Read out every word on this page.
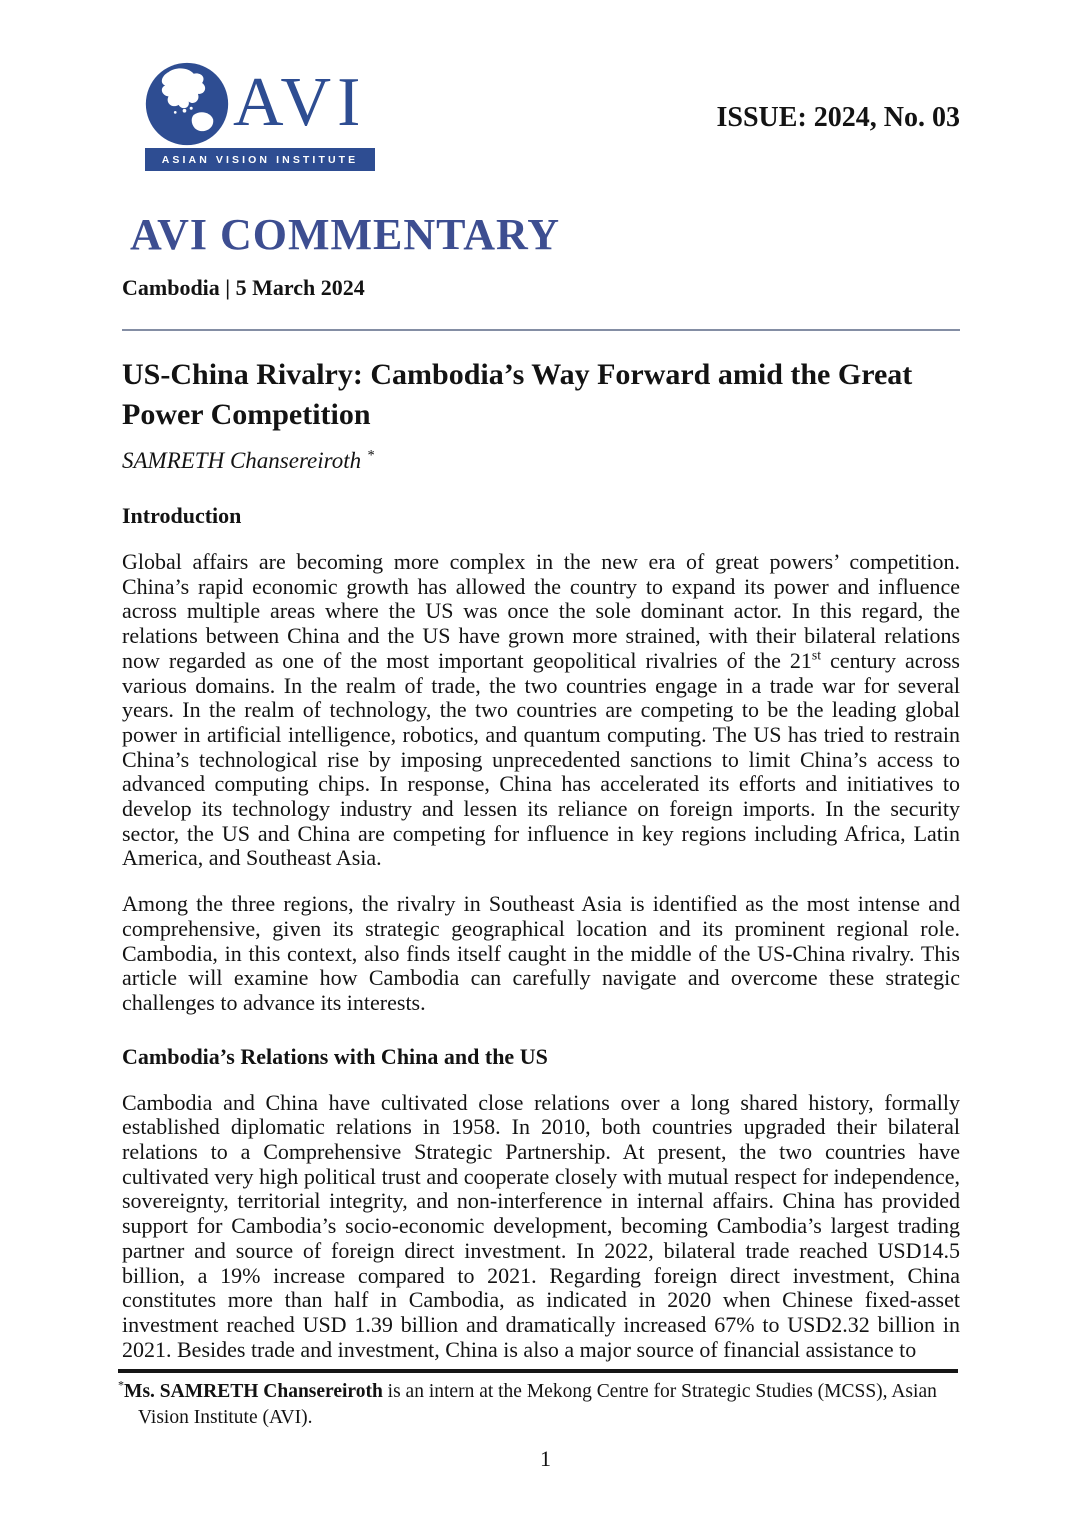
AVI
ASIAN VISION INSTITUTE
ISSUE: 2024, No. 03
AVI COMMENTARY
Cambodia | 5 March 2024
US-China Rivalry: Cambodia’s Way Forward amid the Great Power Competition
SAMRETH Chansereiroth *
Introduction

Global affairs are becoming more complex in the new era of great powers’ competition. China’s rapid economic growth has allowed the country to expand its power and influence across multiple areas where the US was once the sole dominant actor. In this regard, the relations between China and the US have grown more strained, with their bilateral relations now regarded as one of the most important geopolitical rivalries of the 21st century across various domains. In the realm of trade, the two countries engage in a trade war for several years. In the realm of technology, the two countries are competing to be the leading global power in artificial intelligence, robotics, and quantum computing. The US has tried to restrain China’s technological rise by imposing unprecedented sanctions to limit China’s access to advanced computing chips. In response, China has accelerated its efforts and initiatives to develop its technology industry and lessen its reliance on foreign imports. In the security sector, the US and China are competing for influence in key regions including Africa, Latin America, and Southeast Asia.

Among the three regions, the rivalry in Southeast Asia is identified as the most intense and comprehensive, given its strategic geographical location and its prominent regional role. Cambodia, in this context, also finds itself caught in the middle of the US-China rivalry. This article will examine how Cambodia can carefully navigate and overcome these strategic challenges to advance its interests.

Cambodia’s Relations with China and the US

Cambodia and China have cultivated close relations over a long shared history, formally established diplomatic relations in 1958. In 2010, both countries upgraded their bilateral relations to a Comprehensive Strategic Partnership. At present, the two countries have cultivated very high political trust and cooperate closely with mutual respect for independence, sovereignty, territorial integrity, and non-interference in internal affairs. China has provided support for Cambodia’s socio-economic development, becoming Cambodia’s largest trading partner and source of foreign direct investment. In 2022, bilateral trade reached USD14.5 billion, a 19% increase compared to 2021. Regarding foreign direct investment, China constitutes more than half in Cambodia, as indicated in 2020 when Chinese fixed-asset investment reached USD 1.39 billion and dramatically increased 67% to USD2.32 billion in 2021. Besides trade and investment, China is also a major source of financial assistance to

*Ms. SAMRETH Chansereiroth is an intern at the Mekong Centre for Strategic Studies (MCSS), Asian Vision Institute (AVI).

1
